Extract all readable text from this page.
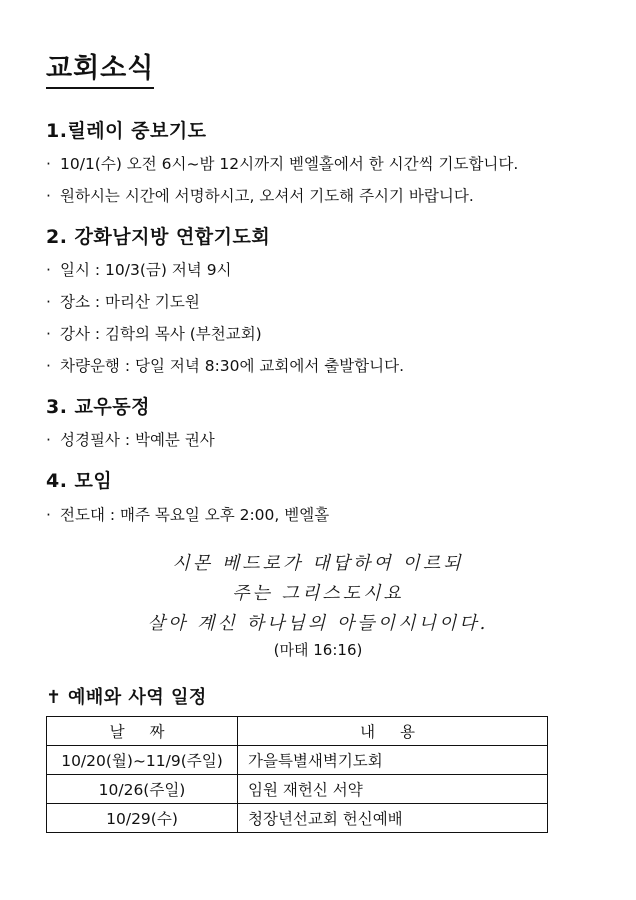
교회소식
1.릴레이 중보기도
· 10/1(수) 오전 6시~밤 12시까지 벧엘홀에서 한 시간씩 기도합니다.
· 원하시는 시간에 서명하시고, 오셔서 기도해 주시기 바랍니다.
2. 강화남지방 연합기도회
· 일시 : 10/3(금) 저녁 9시
· 장소 : 마리산 기도원
· 강사 : 김학의 목사 (부천교회)
· 차량운행 : 당일 저녁 8:30에 교회에서 출발합니다.
3. 교우동정
· 성경필사 : 박예분 권사
4. 모임
· 전도대 : 매주 목요일 오후 2:00, 벧엘홀
시몬 베드로가 대답하여 이르되
주는 그리스도시요
살아 계신 하나님의 아들이시니이다.
(마태 16:16)
✝ 예배와 사역 일정
날 짜	내 용
10/20(월)~11/9(주일)	가을특별새벽기도회
10/26(주일)	임원 재헌신 서약
10/29(수)	청장년선교회 헌신예배
